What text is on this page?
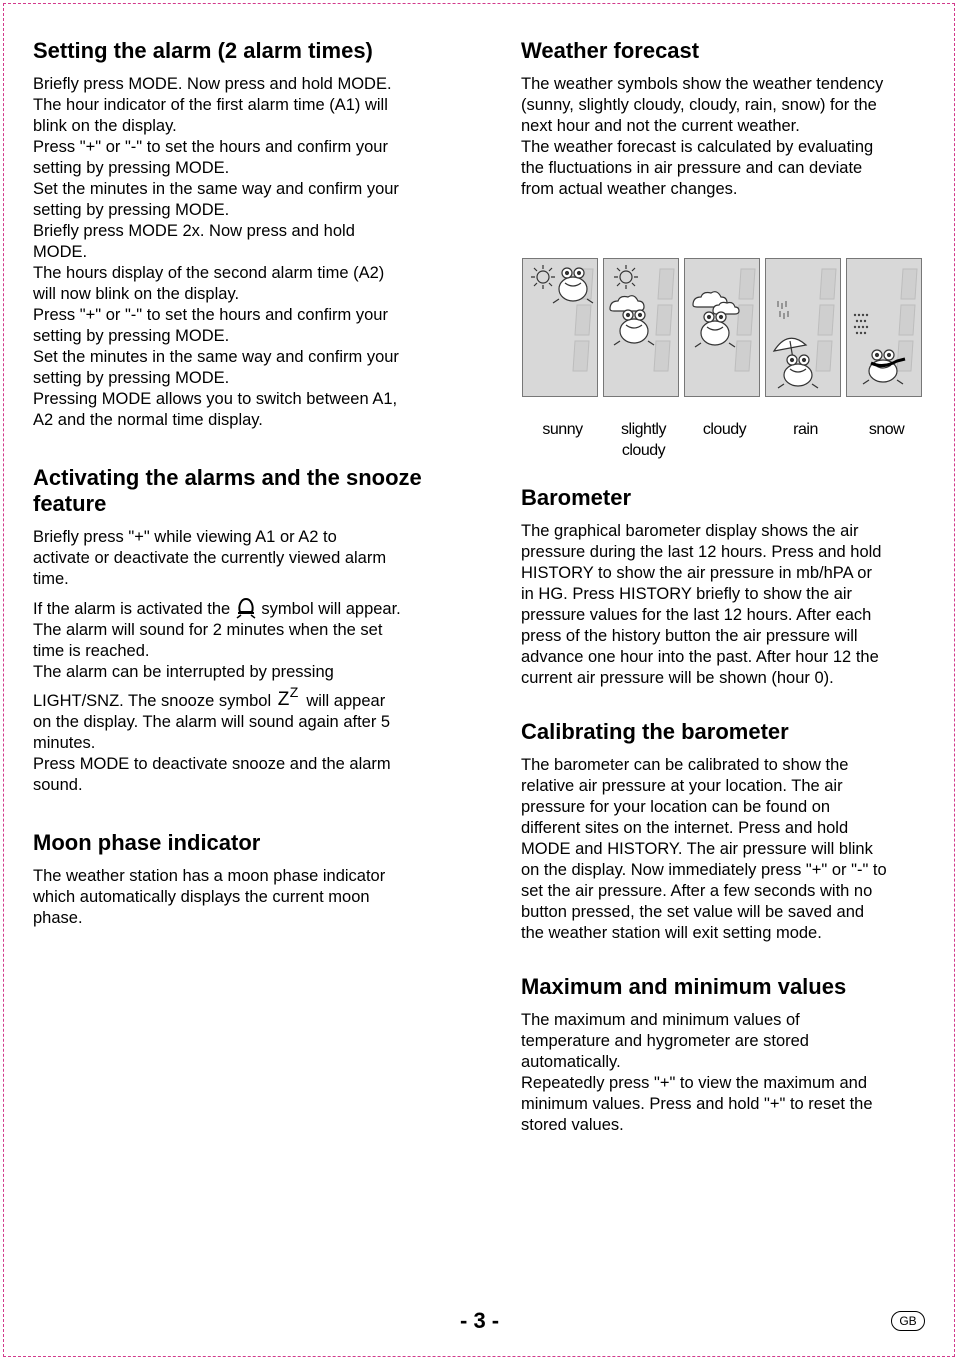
Setting the alarm (2 alarm times)

Briefly press MODE. Now press and hold MODE.
The hour indicator of the first alarm time (A1) will
blink on the display.
Press "+" or "-" to set the hours and confirm your
setting by pressing MODE.
Set the minutes in the same way and confirm your
setting by pressing MODE.
Briefly press MODE 2x. Now press and hold
MODE.
The hours display of the second alarm time (A2)
will now blink on the display.
Press "+" or "-" to set the hours and confirm your
setting by pressing MODE.
Set the minutes in the same way and confirm your
setting by pressing MODE.
Pressing MODE allows you to switch between A1,
A2 and the normal time display.

Activating the alarms and the snooze
feature

Briefly press "+" while viewing A1 or A2 to
activate or deactivate the currently viewed alarm
time.
If the alarm is activated the symbol will appear.
The alarm will sound for 2 minutes when the set
time is reached.
The alarm can be interrupted by pressing
LIGHT/SNZ. The snooze symbol Z Z will appear
on the display. The alarm will sound again after 5
minutes.
Press MODE to deactivate snooze and the alarm
sound.

Moon phase indicator

The weather station has a moon phase indicator
which automatically displays the current moon
phase.

Weather forecast

The weather symbols show the weather tendency
(sunny, slightly cloudy, cloudy, rain, snow) for the
next hour and not the current weather.
The weather forecast is calculated by evaluating
the fluctuations in air pressure and can deviate
from actual weather changes.

sunny	slightly
cloudy
cloudy	rain	snow
Barometer

The graphical barometer display shows the air
pressure during the last 12 hours. Press and hold
HISTORY to show the air pressure in mb/hPA or
in HG. Press HISTORY briefly to show the air
pressure values for the last 12 hours. After each
press of the history button the air pressure will
advance one hour into the past. After hour 12 the
current air pressure will be shown (hour 0).

Calibrating the barometer

The barometer can be calibrated to show the
relative air pressure at your location. The air
pressure for your location can be found on
different sites on the internet. Press and hold
MODE and HISTORY. The air pressure will blink
on the display. Now immediately press "+" or "-" to
set the air pressure. After a few seconds with no
button pressed, the set value will be saved and
the weather station will exit setting mode.

Maximum and minimum values

The maximum and minimum values of
temperature and hygrometer are stored
automatically.
Repeatedly press "+" to view the maximum and
minimum values. Press and hold "+" to reset the
stored values.

- 3 -	GB
